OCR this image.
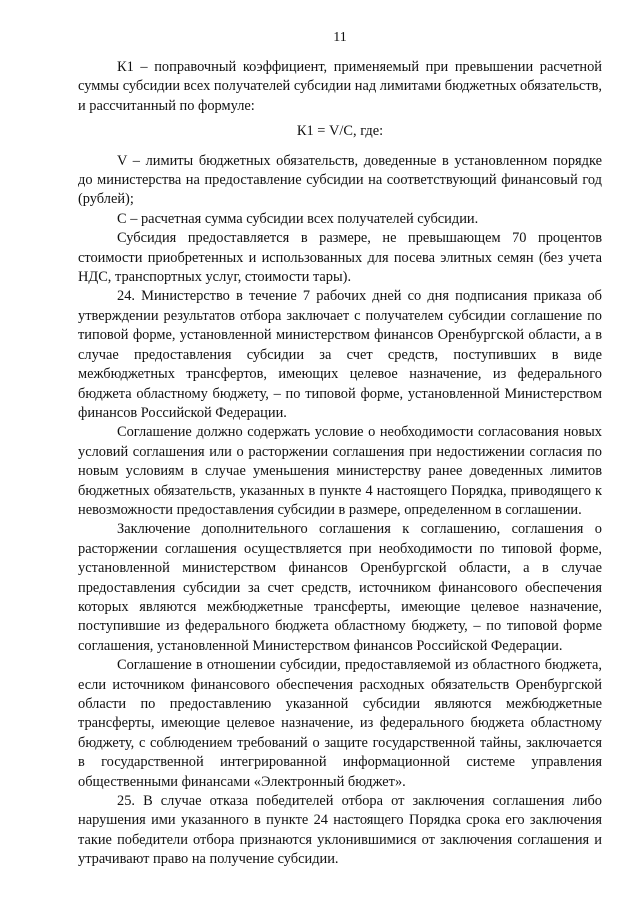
11

К1 – поправочный коэффициент, применяемый при превышении расчетной суммы субсидии всех получателей субсидии над лимитами бюджетных обязательств, и рассчитанный по формуле:

К1 = V/С, где:

V – лимиты бюджетных обязательств, доведенные в установленном порядке до министерства на предоставление субсидии на соответствующий финансовый год (рублей);

С – расчетная сумма субсидии всех получателей субсидии.

Субсидия предоставляется в размере, не превышающем 70 процентов стоимости приобретенных и использованных для посева элитных семян (без учета НДС, транспортных услуг, стоимости тары).

24. Министерство в течение 7 рабочих дней со дня подписания приказа об утверждении результатов отбора заключает с получателем субсидии соглашение по типовой форме, установленной министерством финансов Оренбургской области, а в случае предоставления субсидии за счет средств, поступивших в виде межбюджетных трансфертов, имеющих целевое назначение, из федерального бюджета областному бюджету, – по типовой форме, установленной Министерством финансов Российской Федерации.

Соглашение должно содержать условие о необходимости согласования новых условий соглашения или о расторжении соглашения при недостижении согласия по новым условиям в случае уменьшения министерству ранее доведенных лимитов бюджетных обязательств, указанных в пункте 4 настоящего Порядка, приводящего к невозможности предоставления субсидии в размере, определенном в соглашении.

Заключение дополнительного соглашения к соглашению, соглашения о расторжении соглашения осуществляется при необходимости по типовой форме, установленной министерством финансов Оренбургской области, а в случае предоставления субсидии за счет средств, источником финансового обеспечения которых являются межбюджетные трансферты, имеющие целевое назначение, поступившие из федерального бюджета областному бюджету, – по типовой форме соглашения, установленной Министерством финансов Российской Федерации.

Соглашение в отношении субсидии, предоставляемой из областного бюджета, если источником финансового обеспечения расходных обязательств Оренбургской области по предоставлению указанной субсидии являются межбюджетные трансферты, имеющие целевое назначение, из федерального бюджета областному бюджету, с соблюдением требований о защите государственной тайны, заключается в государственной интегрированной информационной системе управления общественными финансами «Электронный бюджет».

25. В случае отказа победителей отбора от заключения соглашения либо нарушения ими указанного в пункте 24 настоящего Порядка срока его заключения такие победители отбора признаются уклонившимися от заключения соглашения и утрачивают право на получение субсидии.
